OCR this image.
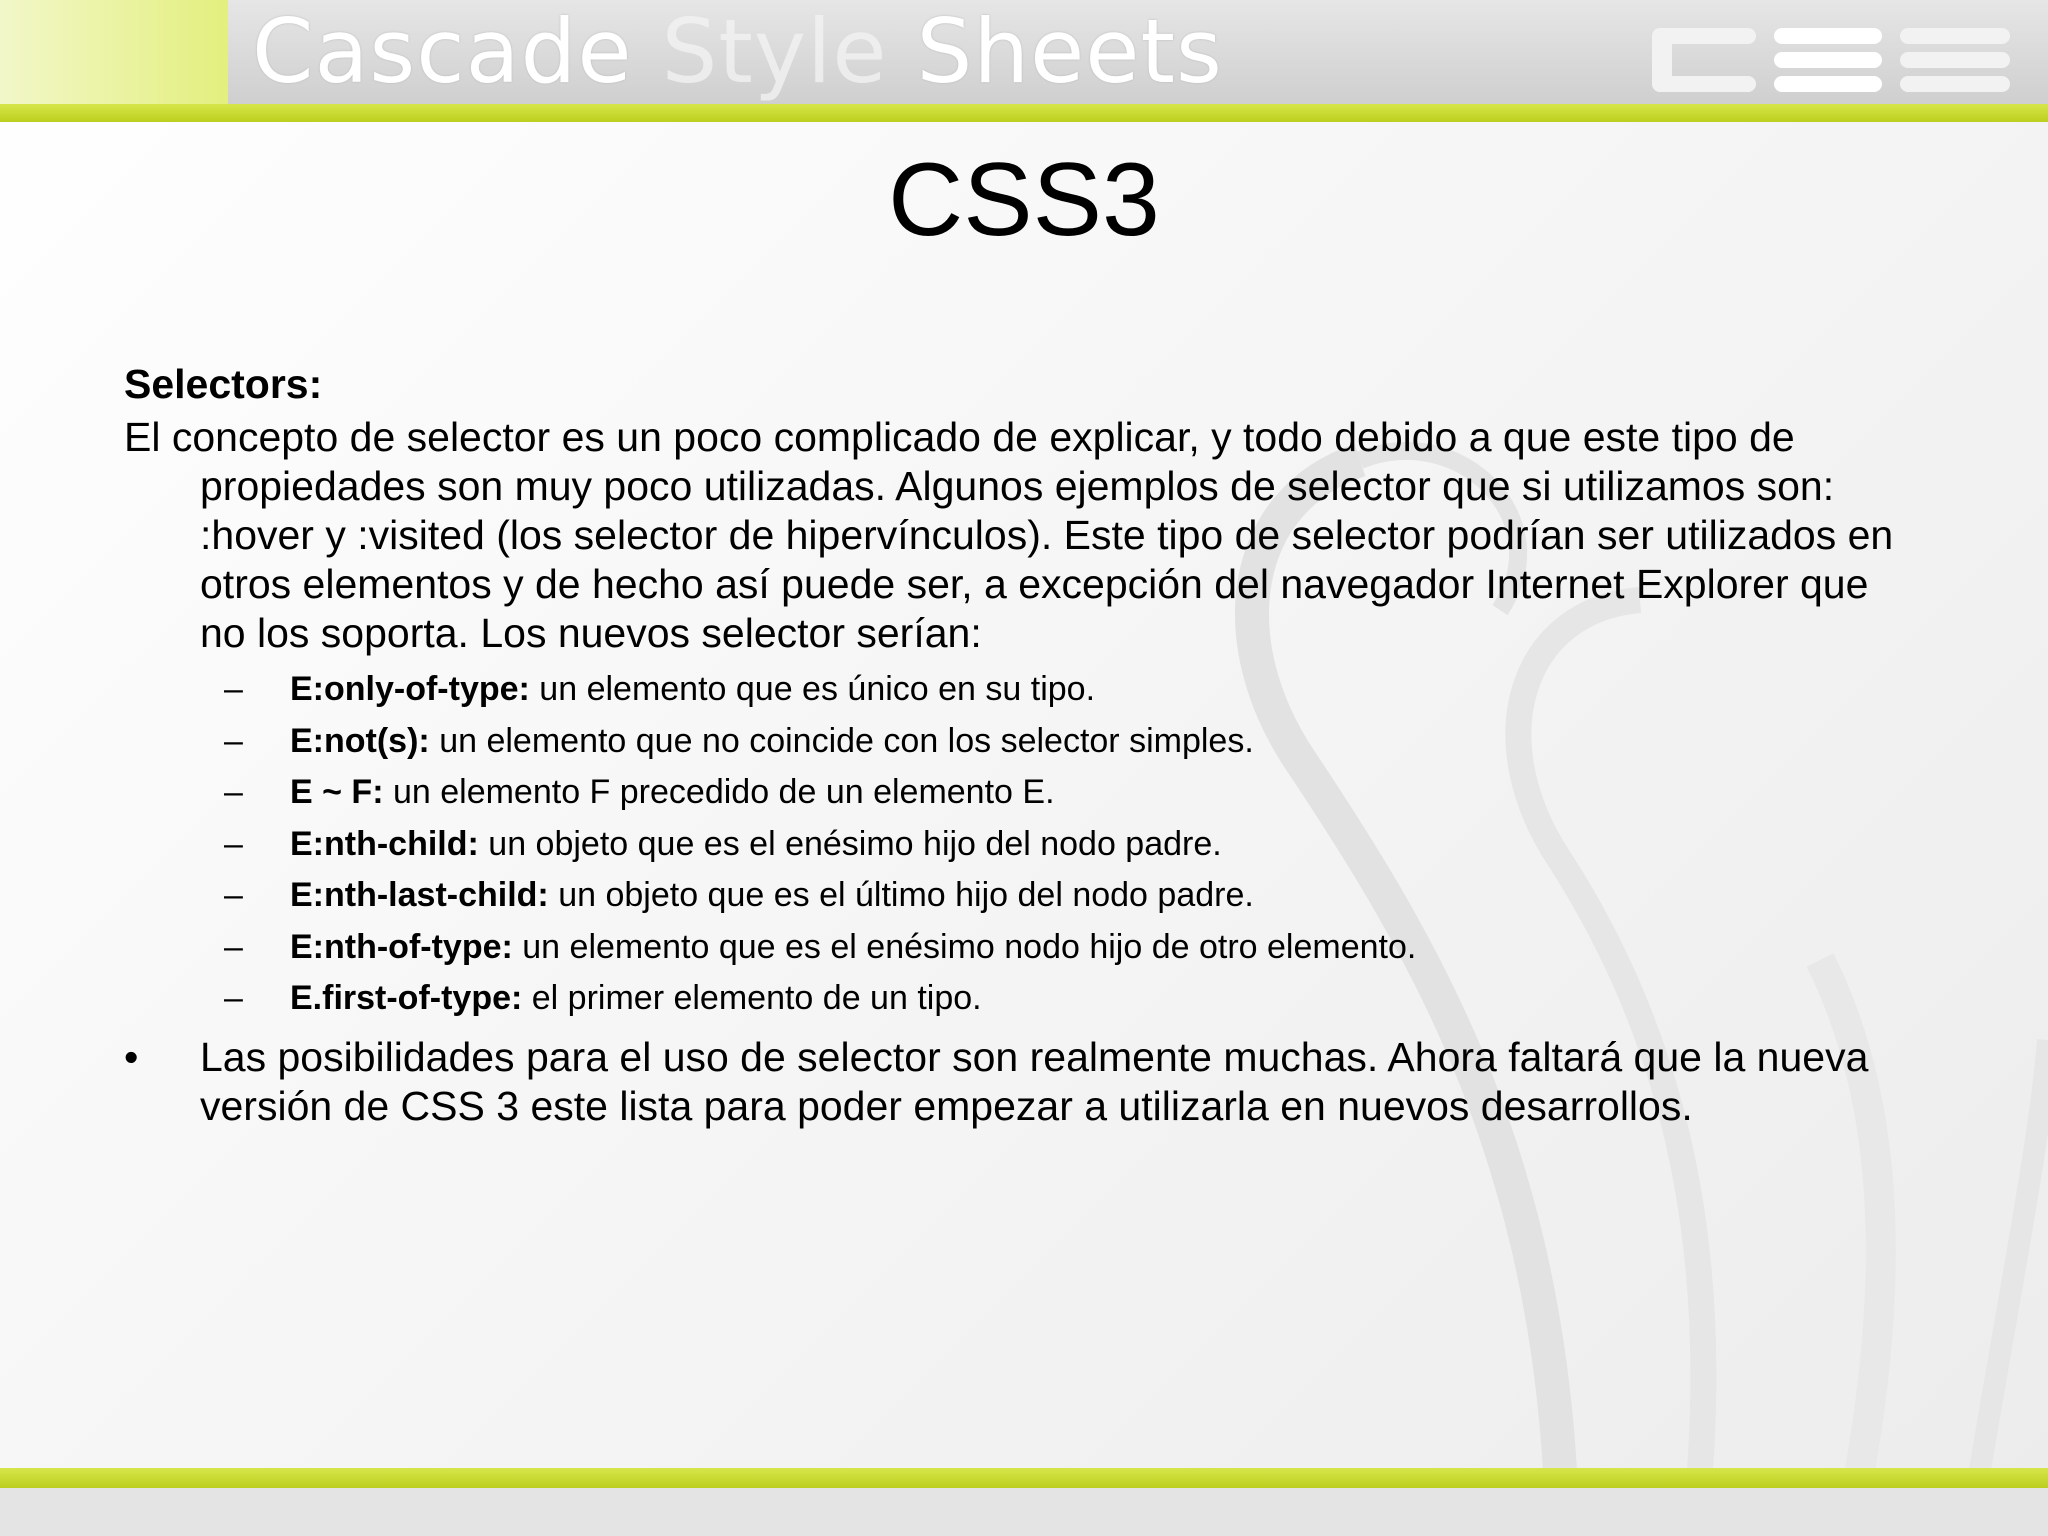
Cascade Style Sheets
CSS3

Selectors:

El concepto de selector es un poco complicado de explicar, y todo debido a que este tipo de propiedades son muy poco utilizadas. Algunos ejemplos de selector que si utilizamos son: :hover y :visited (los selector de hipervínculos). Este tipo de selector podrían ser utilizados en otros elementos y de hecho así puede ser, a excepción del navegador Internet Explorer que no los soporta. Los nuevos selector serían:

– E:only-of-type: un elemento que es único en su tipo.
– E:not(s): un elemento que no coincide con los selector simples.
– E ~ F: un elemento F precedido de un elemento E.
– E:nth-child: un objeto que es el enésimo hijo del nodo padre.
– E:nth-last-child: un objeto que es el último hijo del nodo padre.
– E:nth-of-type: un elemento que es el enésimo nodo hijo de otro elemento.
– E.first-of-type: el primer elemento de un tipo.

• Las posibilidades para el uso de selector son realmente muchas. Ahora faltará que la nueva versión de CSS 3 este lista para poder empezar a utilizarla en nuevos desarrollos.
